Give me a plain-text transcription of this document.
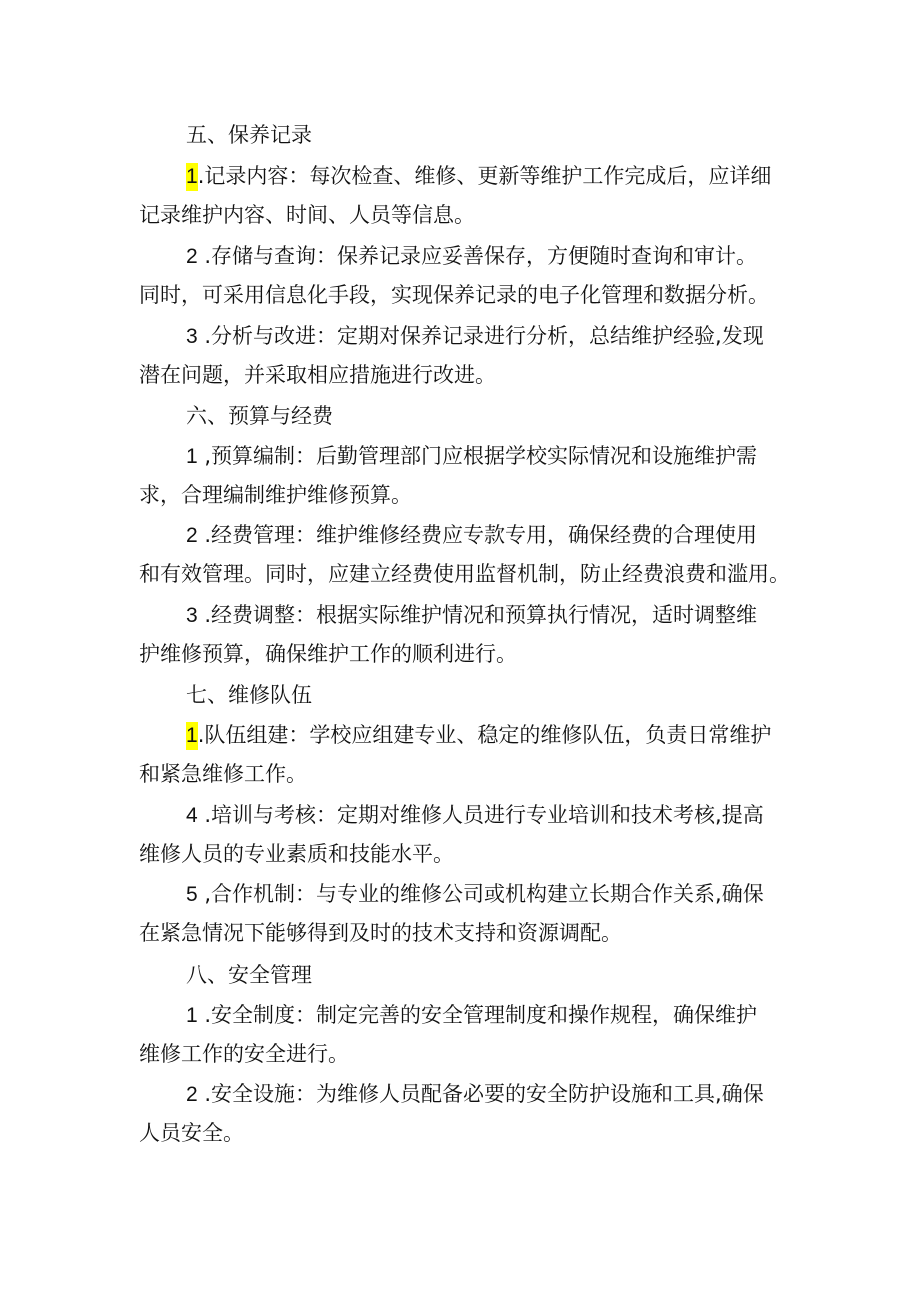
五、保养记录
1.记录内容：每次检查、维修、更新等维护工作完成后，应详细
记录维护内容、时间、人员等信息。
2 .存储与查询：保养记录应妥善保存，方便随时查询和审计。
同时，可采用信息化手段，实现保养记录的电子化管理和数据分析。
3 .分析与改进：定期对保养记录进行分析，总结维护经验,发现
潜在问题，并采取相应措施进行改进。
六、预算与经费
1 ,预算编制：后勤管理部门应根据学校实际情况和设施维护需
求，合理编制维护维修预算。
2 .经费管理：维护维修经费应专款专用，确保经费的合理使用
和有效管理。同时，应建立经费使用监督机制，防止经费浪费和滥用。
3 .经费调整：根据实际维护情况和预算执行情况，适时调整维
护维修预算，确保维护工作的顺利进行。
七、维修队伍
1.队伍组建：学校应组建专业、稳定的维修队伍，负责日常维护
和紧急维修工作。
4 .培训与考核：定期对维修人员进行专业培训和技术考核,提高
维修人员的专业素质和技能水平。
5 ,合作机制：与专业的维修公司或机构建立长期合作关系,确保
在紧急情况下能够得到及时的技术支持和资源调配。
八、安全管理
1 .安全制度：制定完善的安全管理制度和操作规程，确保维护
维修工作的安全进行。
2 .安全设施：为维修人员配备必要的安全防护设施和工具,确保
人员安全。
